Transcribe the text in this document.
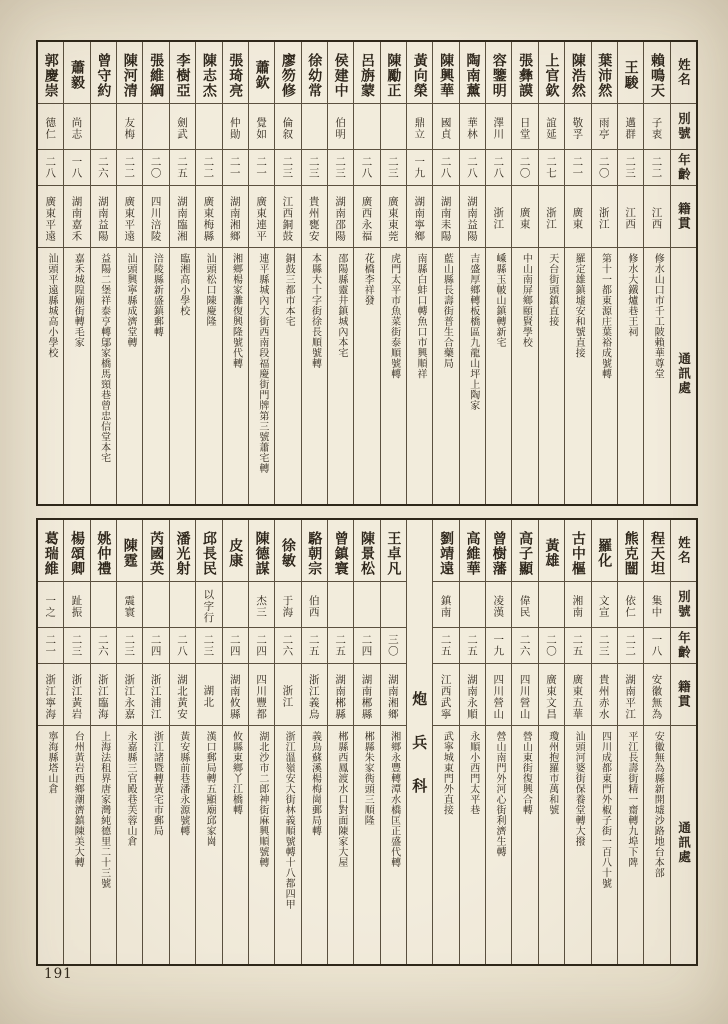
姓名
別號
年齡
籍貫
通訊處
賴鳴天
子衷
二二
江西
修水山口市千工陂賴華尊堂
王駿
邁群
二三
江西
修水大鐵爐巷王祠
葉沛然
雨亭
二〇
浙江
第十一都東源庄葉裕成號轉
陳浩然
敬孚
二一
廣東
羅定雄鎮墟安和號直接
上官欽
誼延
二七
浙江
天台街頭鎮直接
張彝謨
日堂
二〇
廣東
中山南屏鄉頤賢學校
容鑒明
澤川
二八
浙江
嵊縣玉帔山鎮轉新宅
陶南薰
華林
二八
湖南益陽
吉盛厚鄉轉板橋區九龍山坪上陶家
陳興華
國貞
二八
湖南耒陽
藍山縣長壽街普生合藥局
黃向榮
鼎立
一九
湖南寧鄉
南縣白蚌口轉魚口市興順祥
陳勵正
二三
廣東東莞
虎門太平市魚菜街泰順號轉
呂旃蒙
二八
廣西永福
花橋李祥發
侯建中
伯明
二三
湖南邵陽
邵陽縣靈井鎮城內本宅
徐幼常
二三
貴州甕安
本縣大十字街徐長順號轉
廖笏修
倫叙
二三
江西銅鼓
銅鼓三都市本宅
蕭欽
覺如
二一
廣東連平
連平縣城內大街西南段福慶街門牌第三號蕭宅轉
張琦亮
仲勛
二一
湖南湘鄉
湘鄉楊家灘復興隆號代轉
陳志杰
二二
廣東梅縣
汕頭松口陳慶隆
李樹亞
劍武
二五
湖南臨湘
臨湘高小學校
張維綱
二〇
四川涪陵
涪陵縣新盛鎮郵轉
陳河清
友梅
二二
廣東平遠
汕頭興寧縣成濟堂轉
曾守約
二六
湖南益陽
益陽二堡祥泰亨轉鄔家橋馬頸巷曾忠信堂本宅
蕭毅
尚志
一八
湖南嘉禾
嘉禾城隍廟街轉毛家
郭慶崇
德仁
二八
廣東平遠
汕頭平遠縣城高小學校
姓名
別號
年齡
籍貫
通訊處
程天坦
集中
一八
安徽無為
安徽無為縣新開墟沙路地台本部
熊克闓
依仁
二二
湖南平江
平江長壽街精一齋轉九埠下陴
羅化
文宣
二三
貴州赤水
四川成都東門外椒子街一百八十號
古中樞
湘南
二五
廣東五華
汕頭河婆街保養堂轉大撥
黃雄
二〇
廣東文昌
瓊州抱羅市萬和號
高子顯
偉民
二六
四川營山
營山東街復興合轉
曾樹藩
凌漢
一九
四川營山
營山南門外河心街利濟生轉
高維華
二五
湖南永順
永順小西門太平巷
劉靖遠
鎮南
二五
江西武寧
武寧城東門外直接
炮兵科
王卓凡
三〇
湖南湘鄉
湘鄉永豐轉潭水橋匡正盛代轉
陳景松
二四
湖南郴縣
郴縣朱家衖頭三順隆
曾鎮寰
二五
湖南郴縣
郴縣西鳳渡水口對面陳家大屋
駱朝宗
伯西
二五
浙江義烏
義烏蘇溪楊梅崗郵局轉
徐敏
于海
二六
浙江
浙江溫嶺安大街林義順號轉十八都四甲
陳德謀
杰三
二四
四川豐都
湖北沙市二郎神街麻興順號轉
皮康
二四
湖南攸縣
攸縣東鄉丫江橋轉
邱長民
以字行
二三
湖北
漢口郵局轉五顯廟邱家崗
潘光射
二八
湖北黃安
黃安縣前巷潘永源號轉
芮國英
二四
浙江浦江
浙江諸暨轉黃宅市郵局
陳霆
震寰
二三
浙江永嘉
永嘉縣三官殿巷芙蓉山倉
姚仲禮
二六
浙江臨海
上海法租界唐家灣純德里二十三號
楊頌卿
趾振
二三
浙江黃岩
台州黃岩西鄉潮濟鎮陳美大轉
葛瑞維
一之
二一
浙江寧海
寧海縣塔山倉
191
